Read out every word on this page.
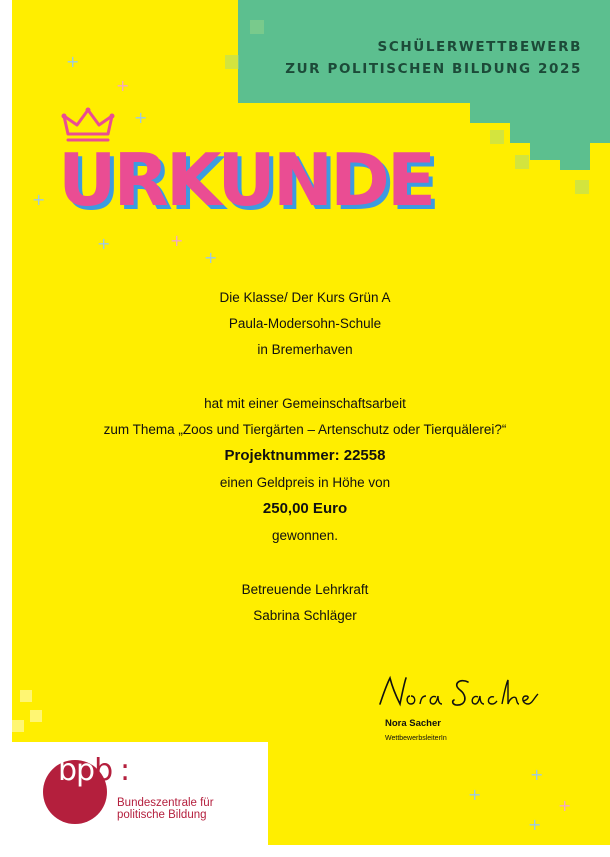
+
+
+
+
+	+
+
+
+
+
+
SCHÜLERWETTBEWERB
ZUR POLITISCHEN BILDUNG 2025
URKUNDE
Die Klasse/ Der Kurs Grün A
Paula-Modersohn-Schule
in Bremerhaven
hat mit einer Gemeinschaftsarbeit
zum Thema „Zoos und Tiergärten – Artenschutz oder Tierquälerei?“
Projektnummer: 22558
einen Geldpreis in Höhe von
250,00 Euro
gewonnen.
Betreuende Lehrkraft
Sabrina Schläger
Nora Sacher
WettbewerbsleiterIn
bpb :
Bundeszentrale für
politische Bildung
